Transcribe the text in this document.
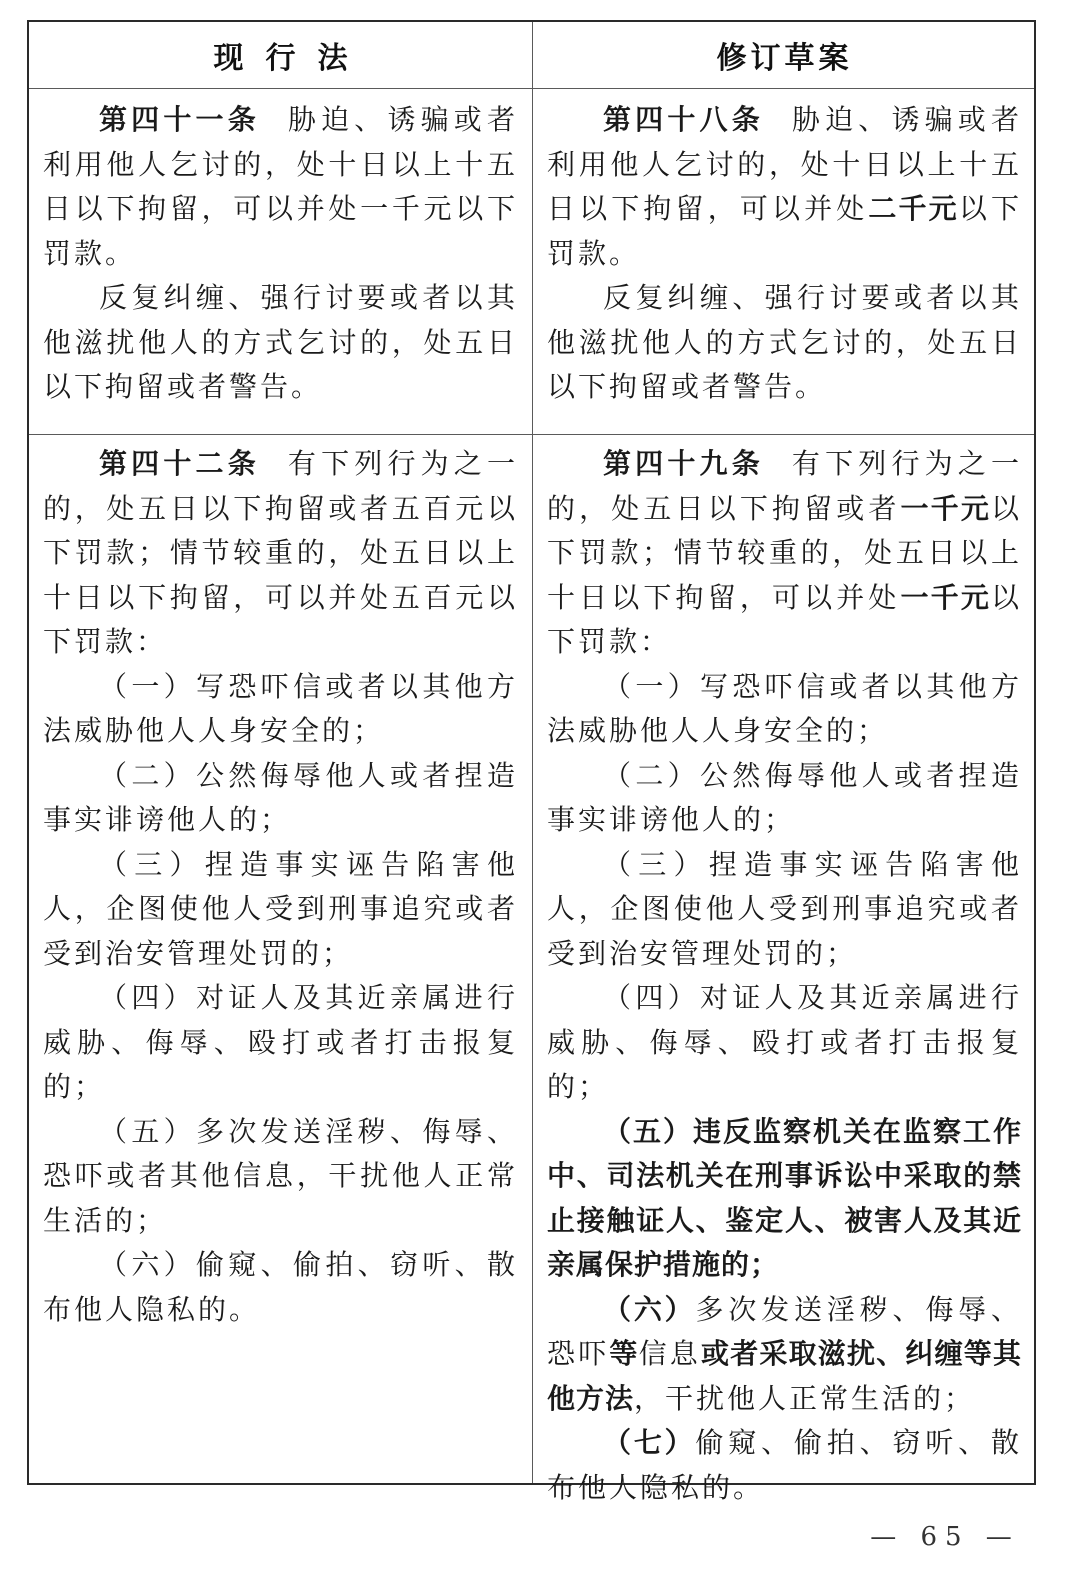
现行法	修订草案

第四十一条 胁迫、诱骗或者利用他人乞讨的，处十日以上十五日以下拘留，可以并处一千元以下罚款。

反复纠缠、强行讨要或者以其他滋扰他人的方式乞讨的，处五日以下拘留或者警告。

第四十八条 胁迫、诱骗或者利用他人乞讨的，处十日以上十五日以下拘留，可以并处二千元以下罚款。

反复纠缠、强行讨要或者以其他滋扰他人的方式乞讨的，处五日以下拘留或者警告。

第四十二条 有下列行为之一的，处五日以下拘留或者五百元以下罚款；情节较重的，处五日以上十日以下拘留，可以并处五百元以下罚款：

（一）写恐吓信或者以其他方法威胁他人人身安全的；

（二）公然侮辱他人或者捏造事实诽谤他人的；

（三）捏造事实诬告陷害他人，企图使他人受到刑事追究或者受到治安管理处罚的；

（四）对证人及其近亲属进行威胁、侮辱、殴打或者打击报复的；

（五）多次发送淫秽、侮辱、恐吓或者其他信息，干扰他人正常生活的；

（六）偷窥、偷拍、窃听、散布他人隐私的。

第四十九条 有下列行为之一的，处五日以下拘留或者一千元以下罚款；情节较重的，处五日以上十日以下拘留，可以并处一千元以下罚款：

（一）写恐吓信或者以其他方法威胁他人人身安全的；

（二）公然侮辱他人或者捏造事实诽谤他人的；

（三）捏造事实诬告陷害他人，企图使他人受到刑事追究或者受到治安管理处罚的；

（四）对证人及其近亲属进行威胁、侮辱、殴打或者打击报复的；

（五）违反监察机关在监察工作中、司法机关在刑事诉讼中采取的禁止接触证人、鉴定人、被害人及其近亲属保护措施的；

（六）多次发送淫秽、侮辱、恐吓等信息或者采取滋扰、纠缠等其他方法，干扰他人正常生活的；

（七）偷窥、偷拍、窃听、散布他人隐私的。

— 65 —
